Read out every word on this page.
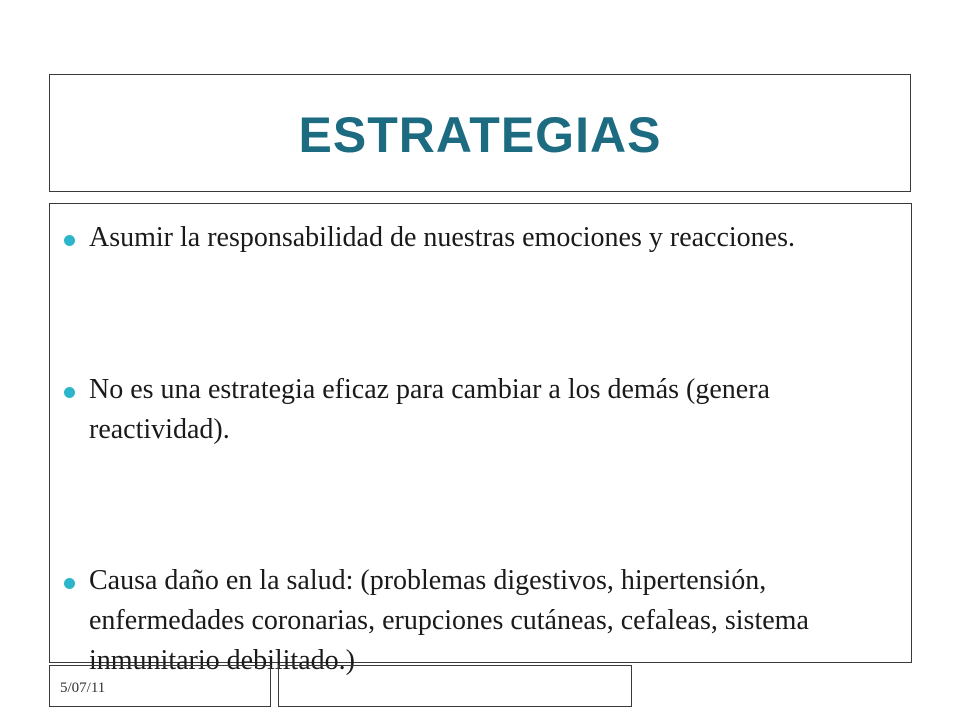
ESTRATEGIAS
Asumir la responsabilidad de nuestras emociones y reacciones.
No es una estrategia eficaz para cambiar a los demás (genera reactividad).
Causa daño en la salud: (problemas digestivos, hipertensión, enfermedades coronarias, erupciones cutáneas, cefaleas, sistema inmunitario debilitado.)
5/07/11
